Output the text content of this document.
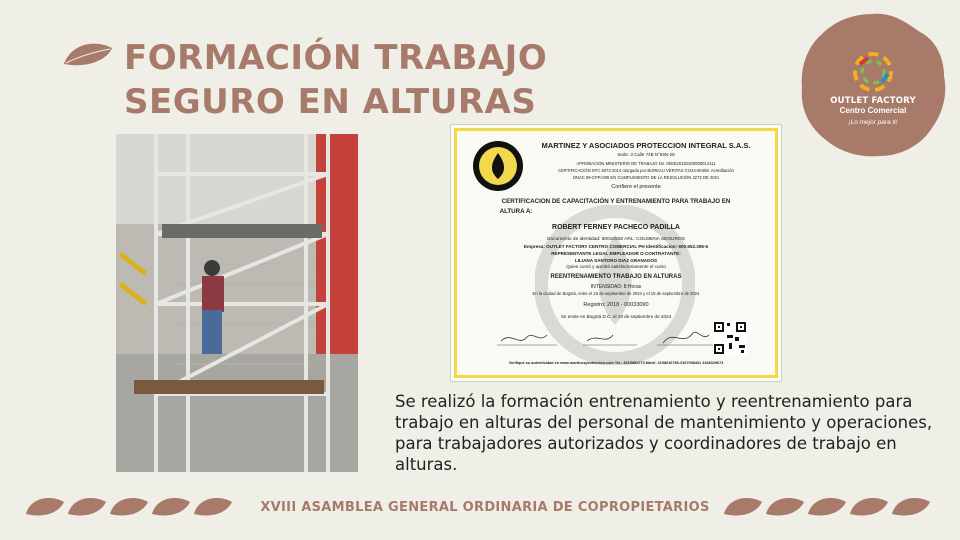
FORMACIÓN TRABAJO
SEGURO EN ALTURAS	OUTLET FACTORY
Centro Comercial
¡Lo mejor para ti!
MARTINEZ Y ASOCIADOS PROTECCION INTEGRAL S.A.S.
Sede: 3 Calle 74B N°69N-28
APROBACION MINISTERIO DE TRABAJO No. 08SE20182200000014111
CERTIFICACIÓN NTC 6072:2014 otorgada por BUREAU VERITAS CO24-60459. Acreditación
ONAC 09-CPR-009 EN CUMPLIMIENTO DE LA RESOLUCIÓN 4272 DE 2021
Confiere el presente
CERTIFICACION DE CAPACITACIÓN Y ENTRENAMIENTO PARA TRABAJO EN
ALTURA A:
ROBERT FERNEY PACHECO PADILLA
Documento de identidad: 80010936 ARL: COLMENA SEGUROS
Empresa: OUTLET FACTORY CENTRO COMERCIAL PH Identificacion: 900.652.395-6
REPRESENTANTE LEGAL EMPLEADOR O CONTRATANTE:
LILIANA SANTORO DIAZ GRANADOS
Quien cursó y aprobó satisfactoriamente el curso
REENTRENAMIENTO TRABAJO EN ALTURAS
INTENSIDAD: 8 Horas
En la ciudad de Bogotá, entre el 18 de septiembre de 2024 y el 19 de septiembre de 2024
Registro: 2018 - 00033090
Se emite en Bogotá D.C. el 19 de septiembre de 2024
Verifique su autenticidad en www.martinezproteccion.com Tel.: 6015882273 Móvil: 3198016785-3167058401 3168329673
Se realizó la formación entrenamiento y reentrenamiento para trabajo en alturas del personal de mantenimiento y operaciones, para trabajadores autorizados y coordinadores de trabajo en alturas.
XVIII ASAMBLEA GENERAL ORDINARIA DE COPROPIETARIOS
